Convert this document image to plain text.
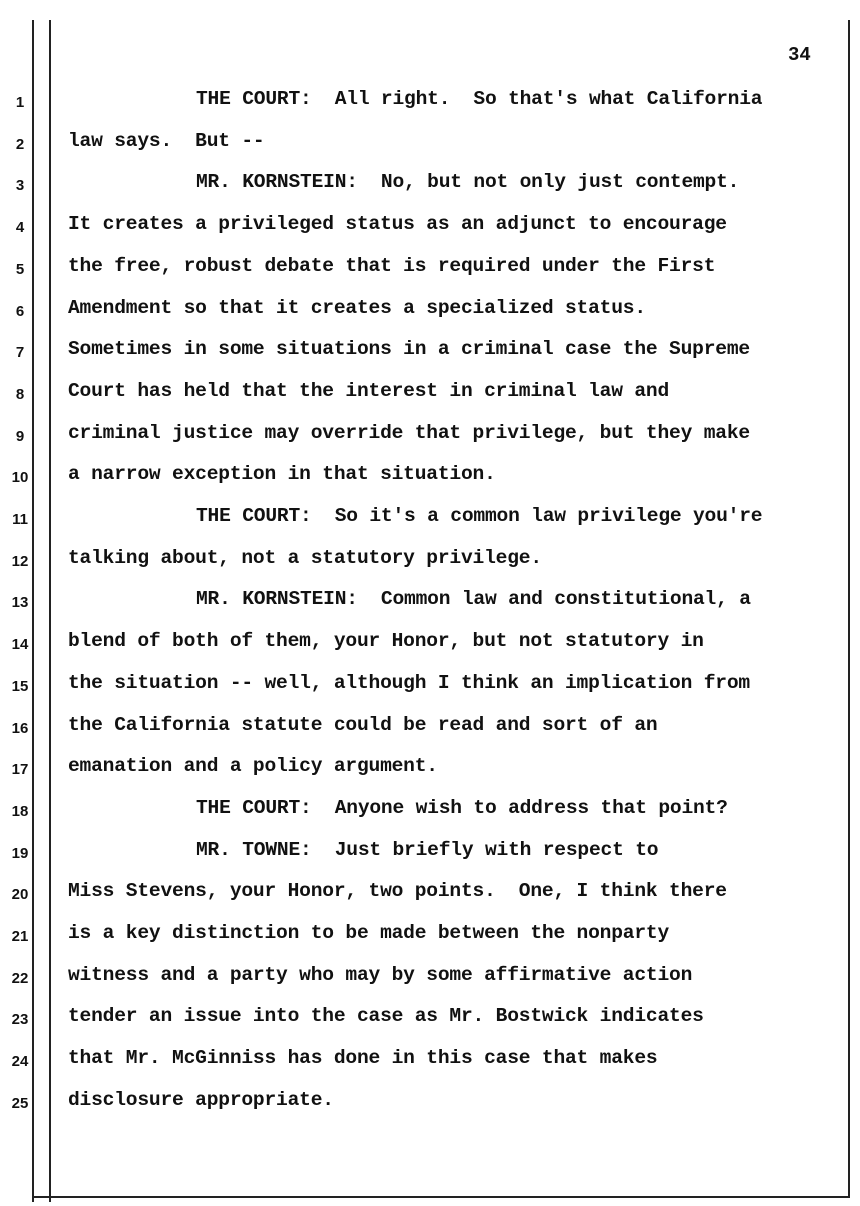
34
1	THE COURT:  All right.  So that's what California
2	law says.  But --
3	MR. KORNSTEIN:  No, but not only just contempt.
4	It creates a privileged status as an adjunct to encourage
5	the free, robust debate that is required under the First
6	Amendment so that it creates a specialized status.
7	Sometimes in some situations in a criminal case the Supreme
8	Court has held that the interest in criminal law and
9	criminal justice may override that privilege, but they make
10	a narrow exception in that situation.
11	THE COURT:  So it's a common law privilege you're
12	talking about, not a statutory privilege.
13	MR. KORNSTEIN:  Common law and constitutional, a
14	blend of both of them, your Honor, but not statutory in
15	the situation -- well, although I think an implication from
16	the California statute could be read and sort of an
17	emanation and a policy argument.
18	THE COURT:  Anyone wish to address that point?
19	MR. TOWNE:  Just briefly with respect to
20	Miss Stevens, your Honor, two points.  One, I think there
21	is a key distinction to be made between the nonparty
22	witness and a party who may by some affirmative action
23	tender an issue into the case as Mr. Bostwick indicates
24	that Mr. McGinniss has done in this case that makes
25	disclosure appropriate.
